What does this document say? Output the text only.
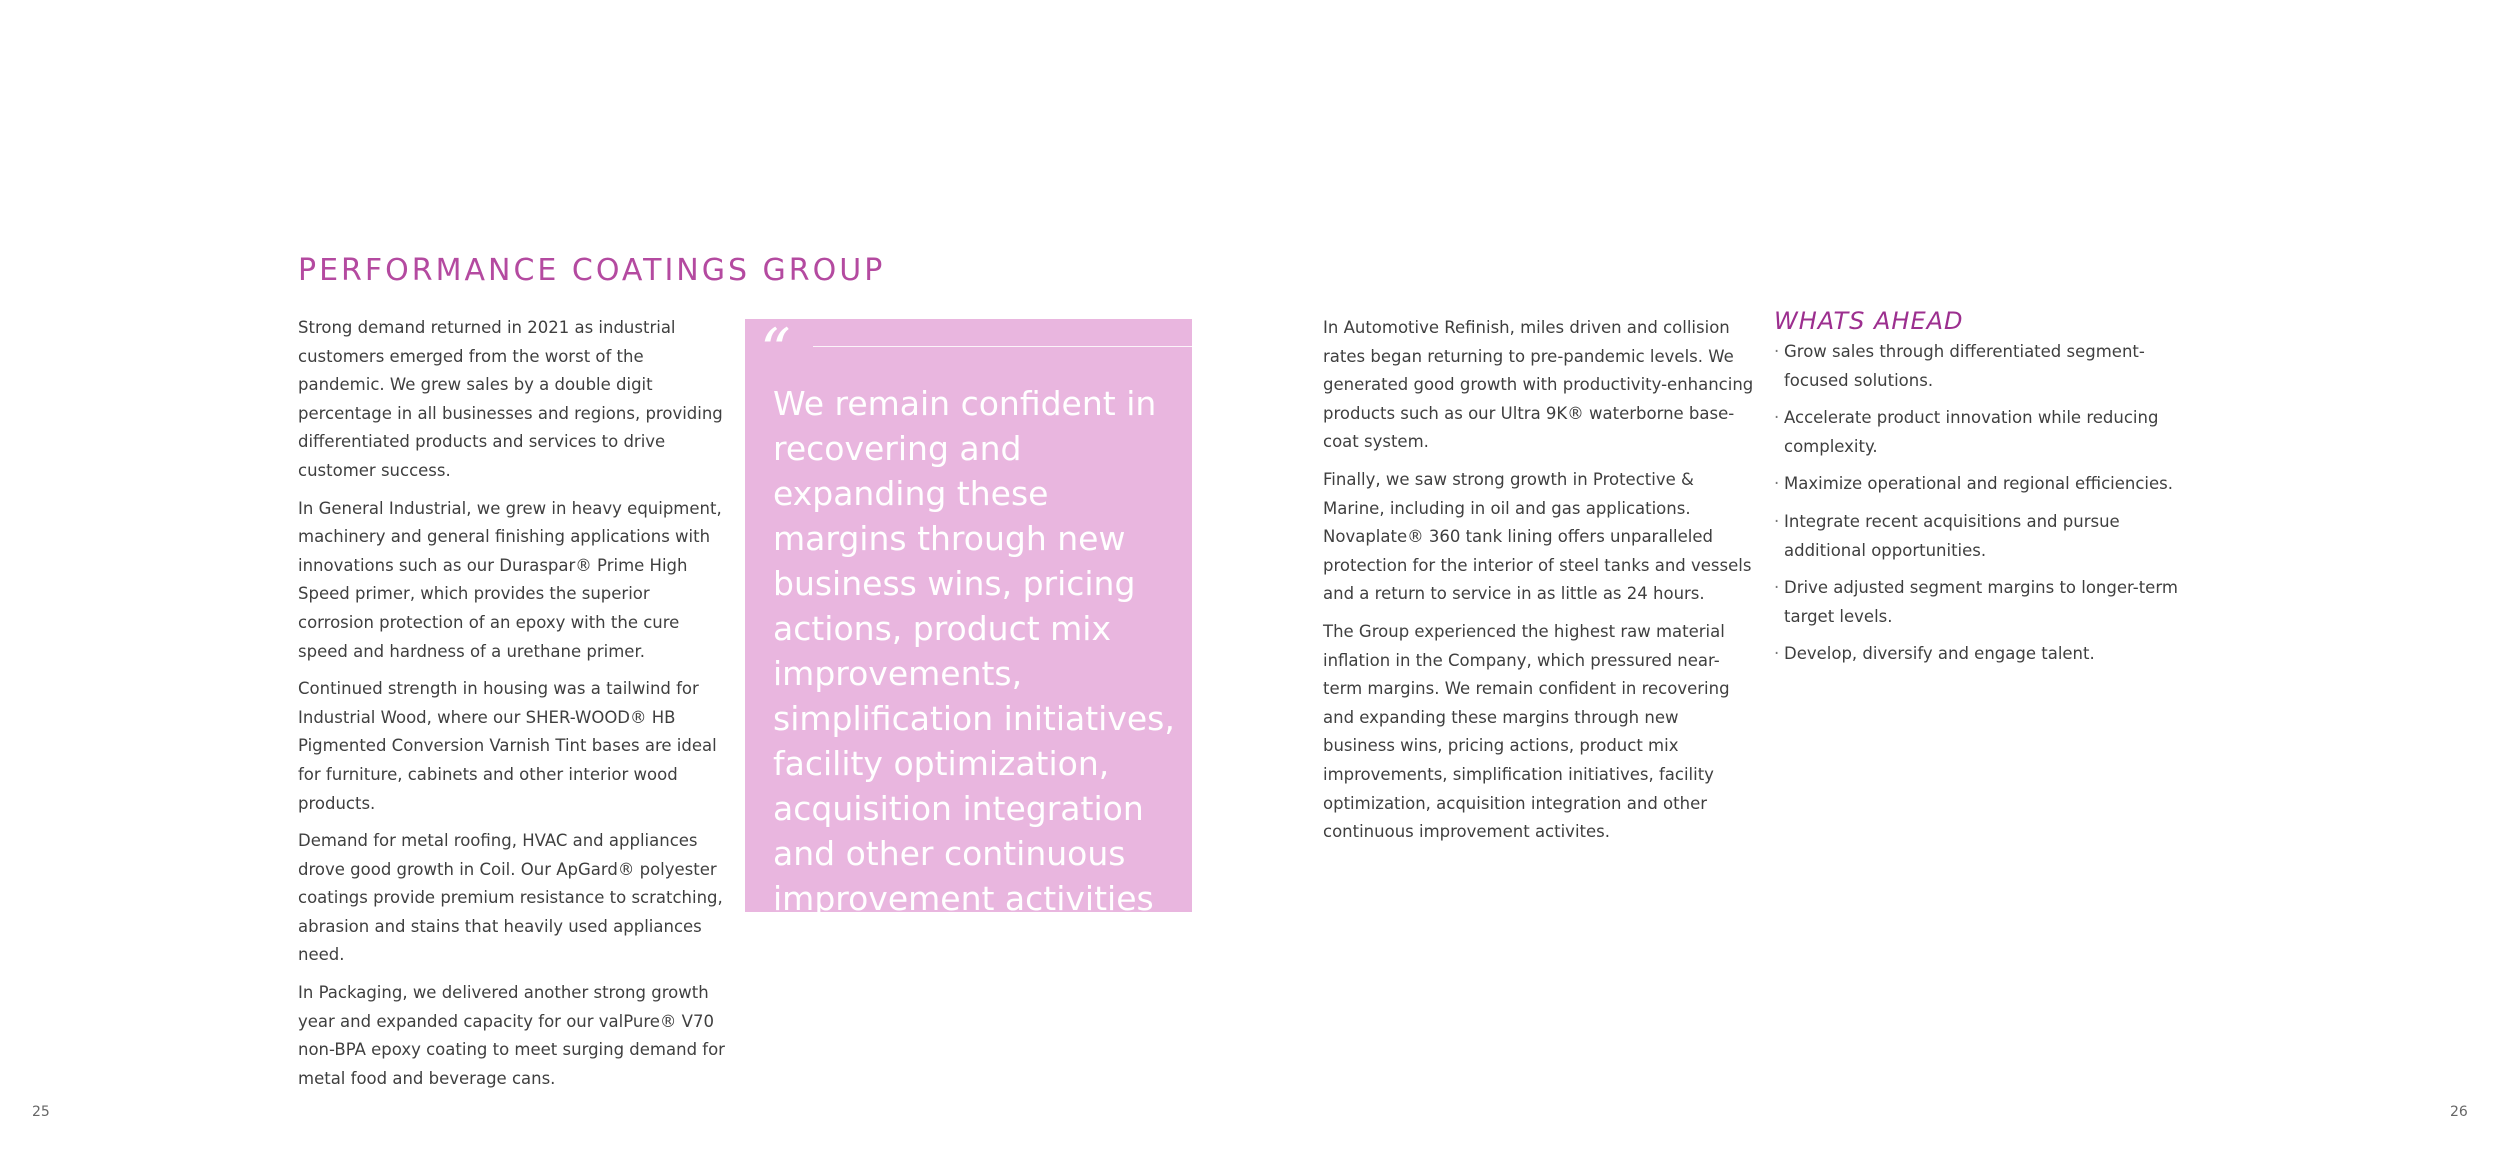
PERFORMANCE COATINGS GROUP

Strong demand returned in 2021 as industrial customers emerged from the worst of the pandemic. We grew sales by a double digit percentage in all businesses and regions, providing differentiated products and services to drive customer success.

In General Industrial, we grew in heavy equipment, machinery and general finishing applications with innovations such as our Duraspar® Prime High Speed primer, which provides the superior corrosion protection of an epoxy with the cure speed and hardness of a urethane primer.

Continued strength in housing was a tailwind for Industrial Wood, where our SHER-WOOD® HB Pigmented Conversion Varnish Tint bases are ideal for furniture, cabinets and other interior wood products.

Demand for metal roofing, HVAC and appliances drove good growth in Coil. Our ApGard® polyester coatings provide premium resistance to scratching, abrasion and stains that heavily used appliances need.

In Packaging, we delivered another strong growth year and expanded capacity for our valPure® V70 non-BPA epoxy coating to meet surging demand for metal food and beverage cans.

“

We remain confident in recovering and expanding these margins through new business wins, pricing actions, product mix improvements, simplification initiatives, facility optimization, acquisition integration and other continuous improvement activities

In Automotive Refinish, miles driven and collision rates began returning to pre-pandemic levels. We generated good growth with productivity-enhancing products such as our Ultra 9K® waterborne base-coat system.

Finally, we saw strong growth in Protective & Marine, including in oil and gas applications. Novaplate® 360 tank lining offers unparalleled protection for the interior of steel tanks and vessels and a return to service in as little as 24 hours.

The Group experienced the highest raw material inflation in the Company, which pressured near-term margins. We remain confident in recovering and expanding these margins through new business wins, pricing actions, product mix improvements, simplification initiatives, facility optimization, acquisition integration and other continuous improvement activites.

WHATS AHEAD
· Grow sales through differentiated segment-focused solutions.
· Accelerate product innovation while reducing complexity.
· Maximize operational and regional efficiencies.
· Integrate recent acquisitions and pursue additional opportunities.
· Drive adjusted segment margins to longer-term target levels.
· Develop, diversify and engage talent.
25	26
